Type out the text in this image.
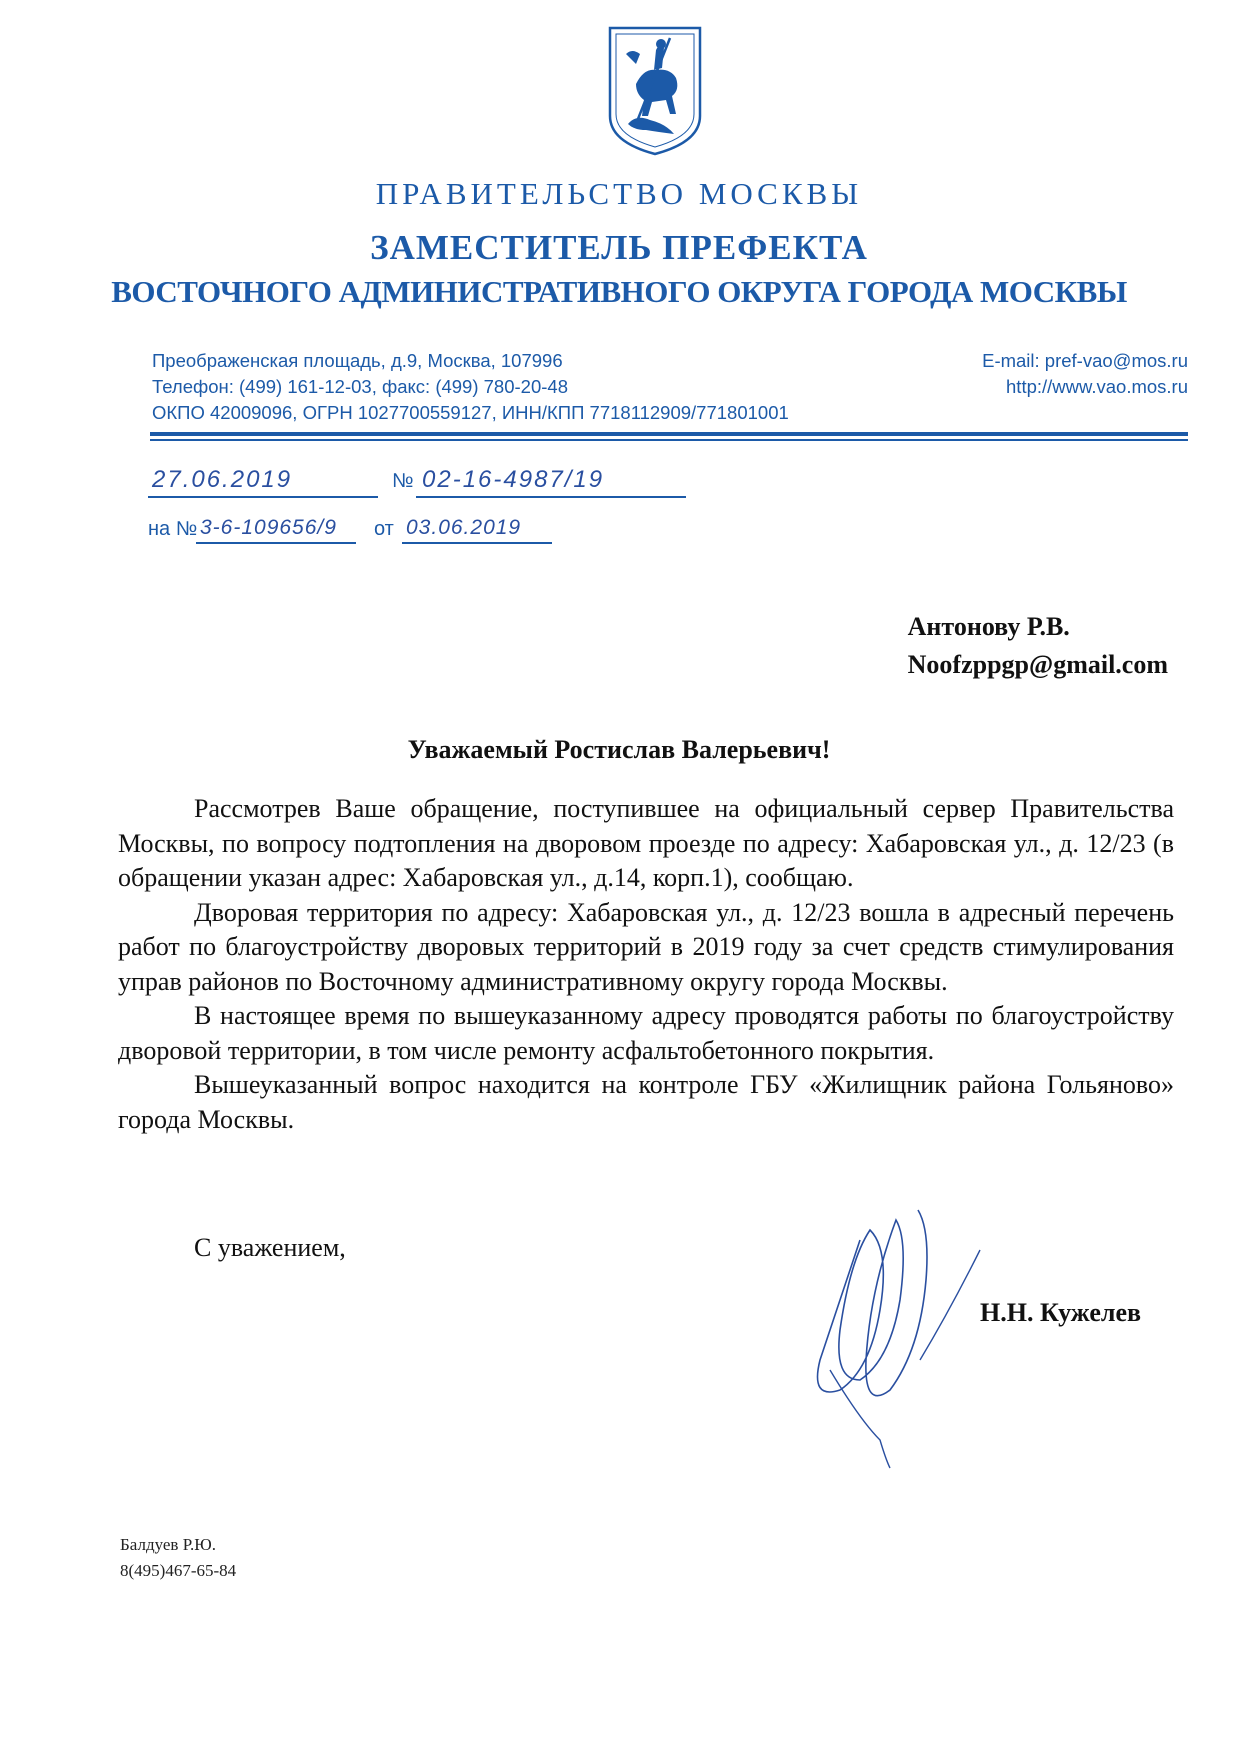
ПРАВИТЕЛЬСТВО МОСКВЫ
ЗАМЕСТИТЕЛЬ ПРЕФЕКТА
ВОСТОЧНОГО АДМИНИСТРАТИВНОГО ОКРУГА ГОРОДА МОСКВЫ
Преображенская площадь, д.9, Москва, 107996
Телефон: (499) 161-12-03, факс: (499) 780-20-48
ОКПО 42009096, ОГРН 1027700559127, ИНН/КПП 7718112909/771801001
E-mail: pref-vao@mos.ru
http://www.vao.mos.ru
27.06.2019	№ 02-16-4987/19
на № 3-6-109656/9 от 03.06.2019
Антонову Р.В.
Noofzppgp@gmail.com
Уважаемый Ростислав Валерьевич!

Рассмотрев Ваше обращение, поступившее на официальный сервер Правительства Москвы, по вопросу подтопления на дворовом проезде по адресу: Хабаровская ул., д. 12/23 (в обращении указан адрес: Хабаровская ул., д.14, корп.1), сообщаю.

Дворовая территория по адресу: Хабаровская ул., д. 12/23 вошла в адресный перечень работ по благоустройству дворовых территорий в 2019 году за счет средств стимулирования управ районов по Восточному административному округу города Москвы.

В настоящее время по вышеуказанному адресу проводятся работы по благоустройству дворовой территории, в том числе ремонту асфальтобетонного покрытия.

Вышеуказанный вопрос находится на контроле ГБУ «Жилищник района Гольяново» города Москвы.

С уважением,
Н.Н. Кужелев
Балдуев Р.Ю.
8(495)467-65-84
